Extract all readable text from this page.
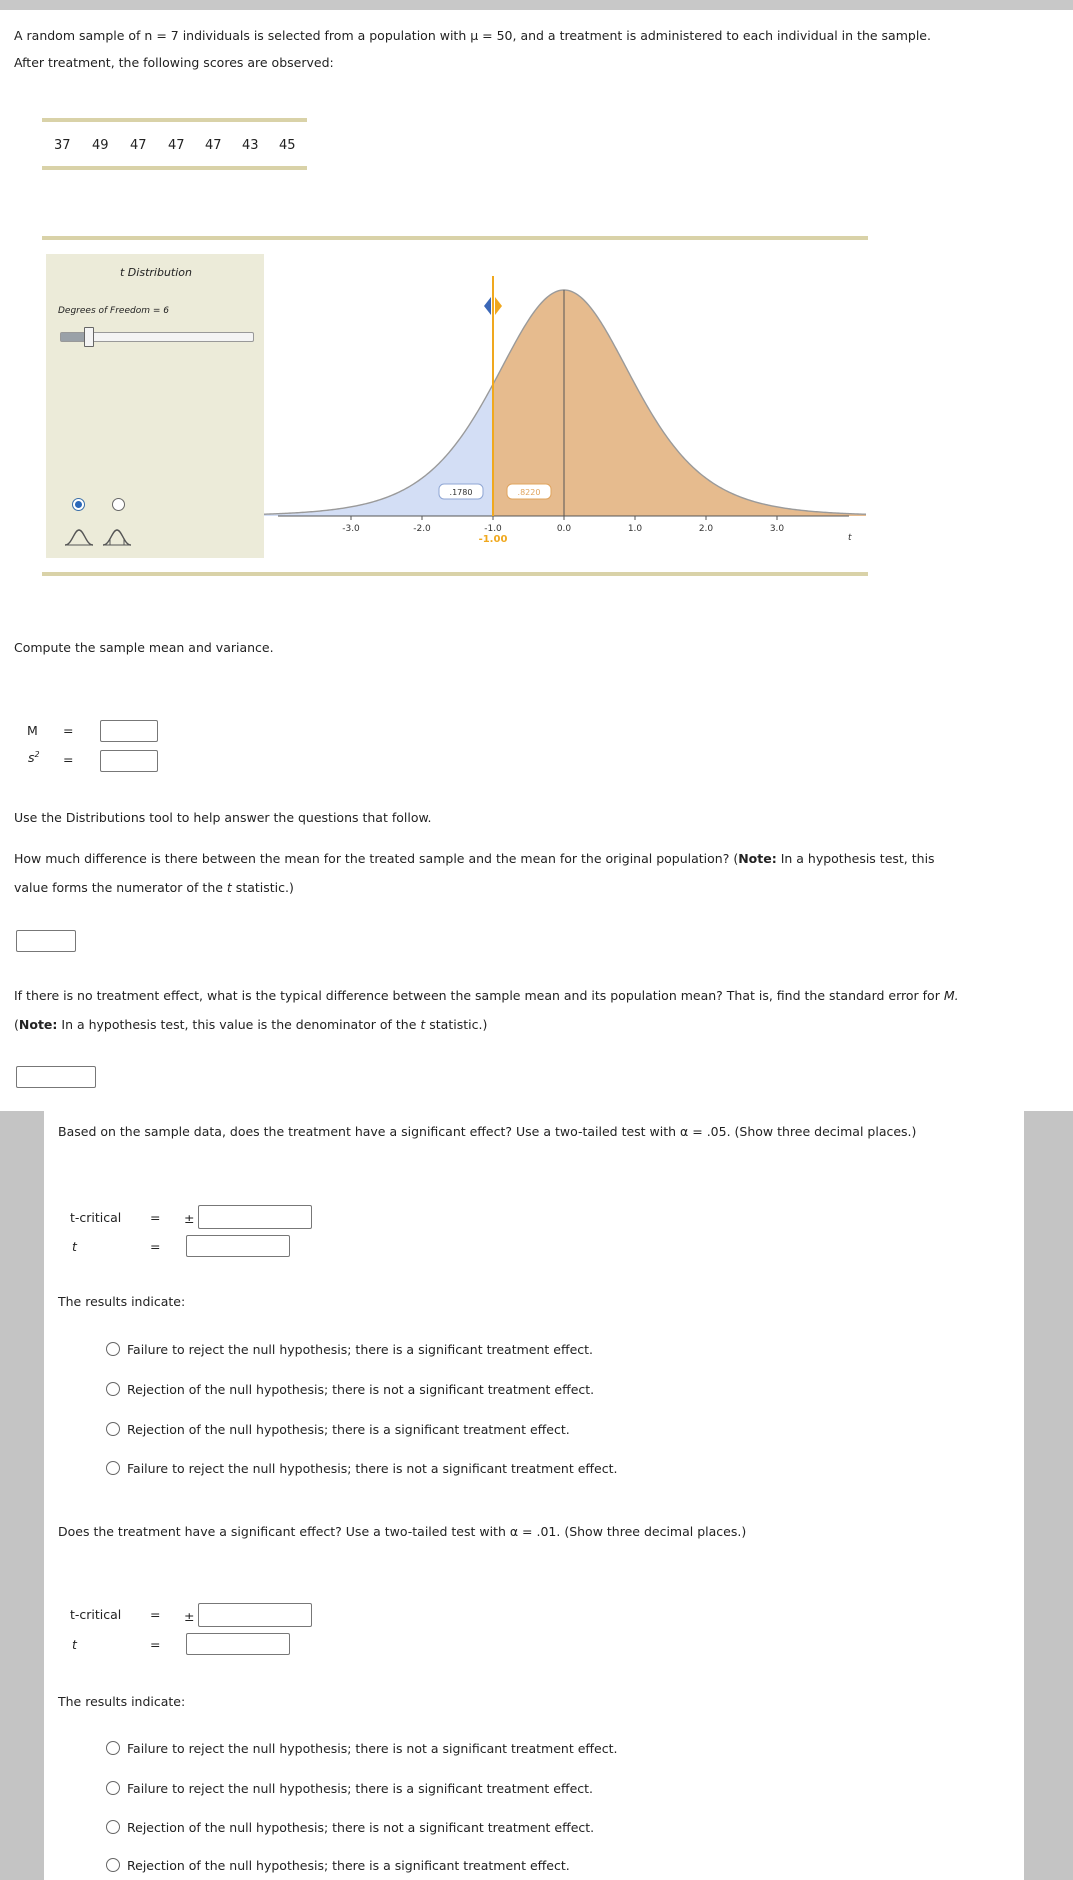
A random sample of n = 7 individuals is selected from a population with μ = 50, and a treatment is administered to each individual in the sample.
After treatment, the following scores are observed:
37 49 47 47 47 43 45
t Distribution
Degrees of Freedom = 6
-3.0	-2.0	-1.0	0.0	1.0	2.0	3.0
.1780	.8220
-1.00	t
Compute the sample mean and variance.
M =
$s^2$ =
Use the Distributions tool to help answer the questions that follow.
How much difference is there between the mean for the treated sample and the mean for the original population? (Note: In a hypothesis test, this
value forms the numerator of the t statistic.)
If there is no treatment effect, what is the typical difference between the sample mean and its population mean? That is, find the standard error for M.
(Note: In a hypothesis test, this value is the denominator of the t statistic.)
Based on the sample data, does the treatment have a significant effect? Use a two-tailed test with α = .05. (Show three decimal places.)
t-critical = ±
t	=
The results indicate:
Failure to reject the null hypothesis; there is a significant treatment effect.
Rejection of the null hypothesis; there is not a significant treatment effect.
Rejection of the null hypothesis; there is a significant treatment effect.
Failure to reject the null hypothesis; there is not a significant treatment effect.
Does the treatment have a significant effect? Use a two-tailed test with α = .01. (Show three decimal places.)
t-critical = ±
t	=
The results indicate:
Failure to reject the null hypothesis; there is not a significant treatment effect.
Failure to reject the null hypothesis; there is a significant treatment effect.
Rejection of the null hypothesis; there is not a significant treatment effect.
Rejection of the null hypothesis; there is a significant treatment effect.
